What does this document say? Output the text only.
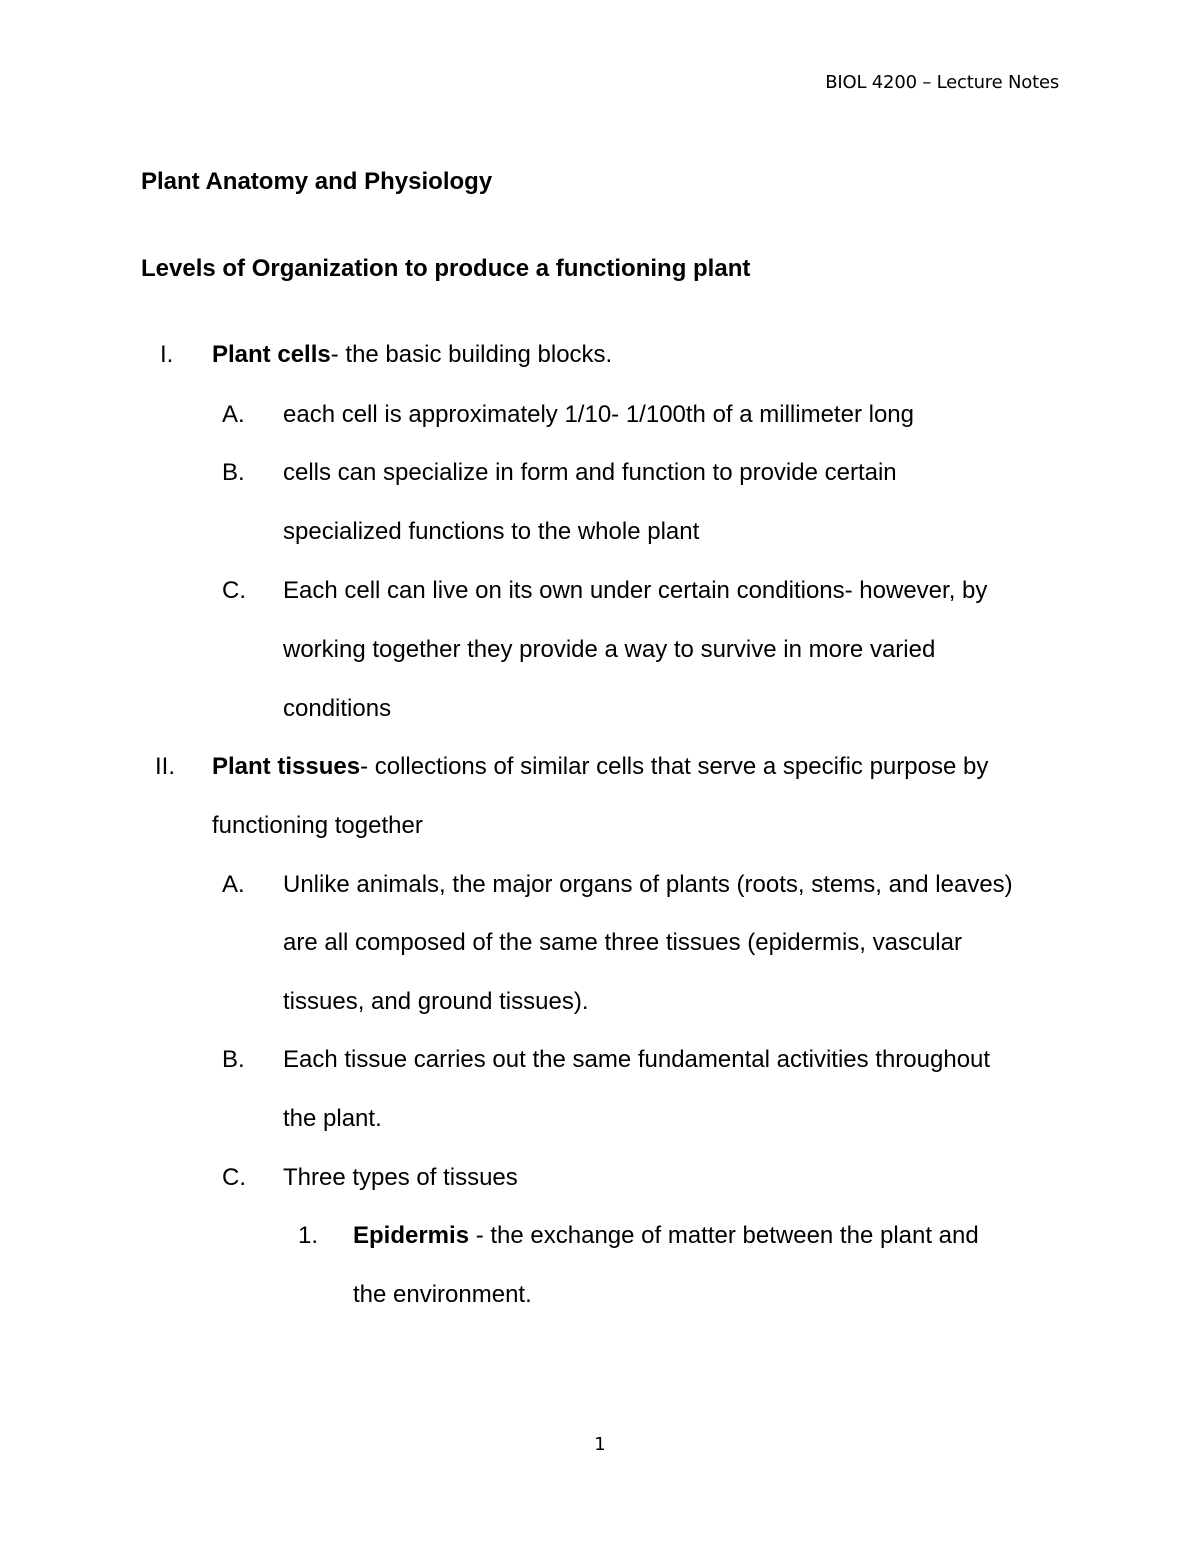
BIOL 4200 – Lecture Notes
Plant Anatomy and Physiology
Levels of Organization to produce a functioning plant
I. Plant cells- the basic building blocks.
A. each cell is approximately 1/10- 1/100th of a millimeter long
B. cells can specialize in form and function to provide certain
specialized functions to the whole plant
C. Each cell can live on its own under certain conditions- however, by
working together they provide a way to survive in more varied
conditions
II. Plant tissues- collections of similar cells that serve a specific purpose by
functioning together
A. Unlike animals, the major organs of plants (roots, stems, and leaves)
are all composed of the same three tissues (epidermis, vascular
tissues, and ground tissues).
B. Each tissue carries out the same fundamental activities throughout
the plant.
C. Three types of tissues
1. Epidermis - the exchange of matter between the plant and
the environment.
1
